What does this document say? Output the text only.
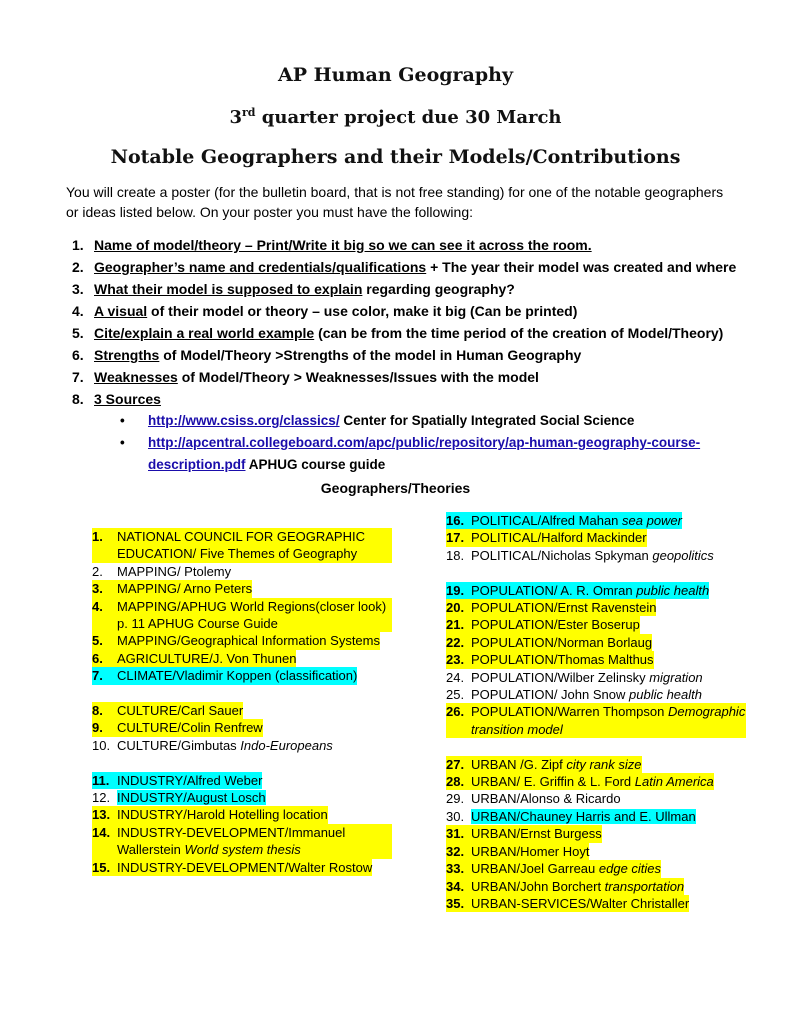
AP Human Geography
3rd quarter project due 30 March
Notable Geographers and their Models/Contributions
You will create a poster (for the bulletin board, that is not free standing) for one of the notable geographers or ideas listed below. On your poster you must have the following:
1. Name of model/theory – Print/Write it big so we can see it across the room.
2. Geographer’s name and credentials/qualifications + The year their model was created and where
3. What their model is supposed to explain regarding geography?
4. A visual of their model or theory – use color, make it big (Can be printed)
5. Cite/explain a real world example (can be from the time period of the creation of Model/Theory)
6. Strengths of Model/Theory >Strengths of the model in Human Geography
7. Weaknesses of Model/Theory > Weaknesses/Issues with the model
8. 3 Sources
• http://www.csiss.org/classics/ Center for Spatially Integrated Social Science
• http://apcentral.collegeboard.com/apc/public/repository/ap-human-geography-course-description.pdf APHUG course guide
Geographers/Theories
1. NATIONAL COUNCIL FOR GEOGRAPHIC EDUCATION/ Five Themes of Geography
2. MAPPING/ Ptolemy
3. MAPPING/ Arno Peters
4. MAPPING/APHUG World Regions(closer look) p. 11 APHUG Course Guide
5. MAPPING/Geographical Information Systems
6. AGRICULTURE/J. Von Thunen
7. CLIMATE/Vladimir Koppen (classification)
8. CULTURE/Carl Sauer
9. CULTURE/Colin Renfrew
10. CULTURE/Gimbutas Indo-Europeans
11. INDUSTRY/Alfred Weber
12. INDUSTRY/August Losch
13. INDUSTRY/Harold Hotelling location
14. INDUSTRY-DEVELOPMENT/Immanuel Wallerstein World system thesis
15. INDUSTRY-DEVELOPMENT/Walter Rostow
16. POLITICAL/Alfred Mahan sea power
17. POLITICAL/Halford Mackinder
18. POLITICAL/Nicholas Spkyman geopolitics
19. POPULATION/ A. R. Omran public health
20. POPULATION/Ernst Ravenstein
21. POPULATION/Ester Boserup
22. POPULATION/Norman Borlaug
23. POPULATION/Thomas Malthus
24. POPULATION/Wilber Zelinsky migration
25. POPULATION/ John Snow public health
26. POPULATION/Warren Thompson Demographic transition model
27. URBAN /G. Zipf city rank size
28. URBAN/ E. Griffin & L. Ford Latin America
29. URBAN/Alonso & Ricardo
30. URBAN/Chauney Harris and E. Ullman
31. URBAN/Ernst Burgess
32. URBAN/Homer Hoyt
33. URBAN/Joel Garreau edge cities
34. URBAN/John Borchert transportation
35. URBAN-SERVICES/Walter Christaller
